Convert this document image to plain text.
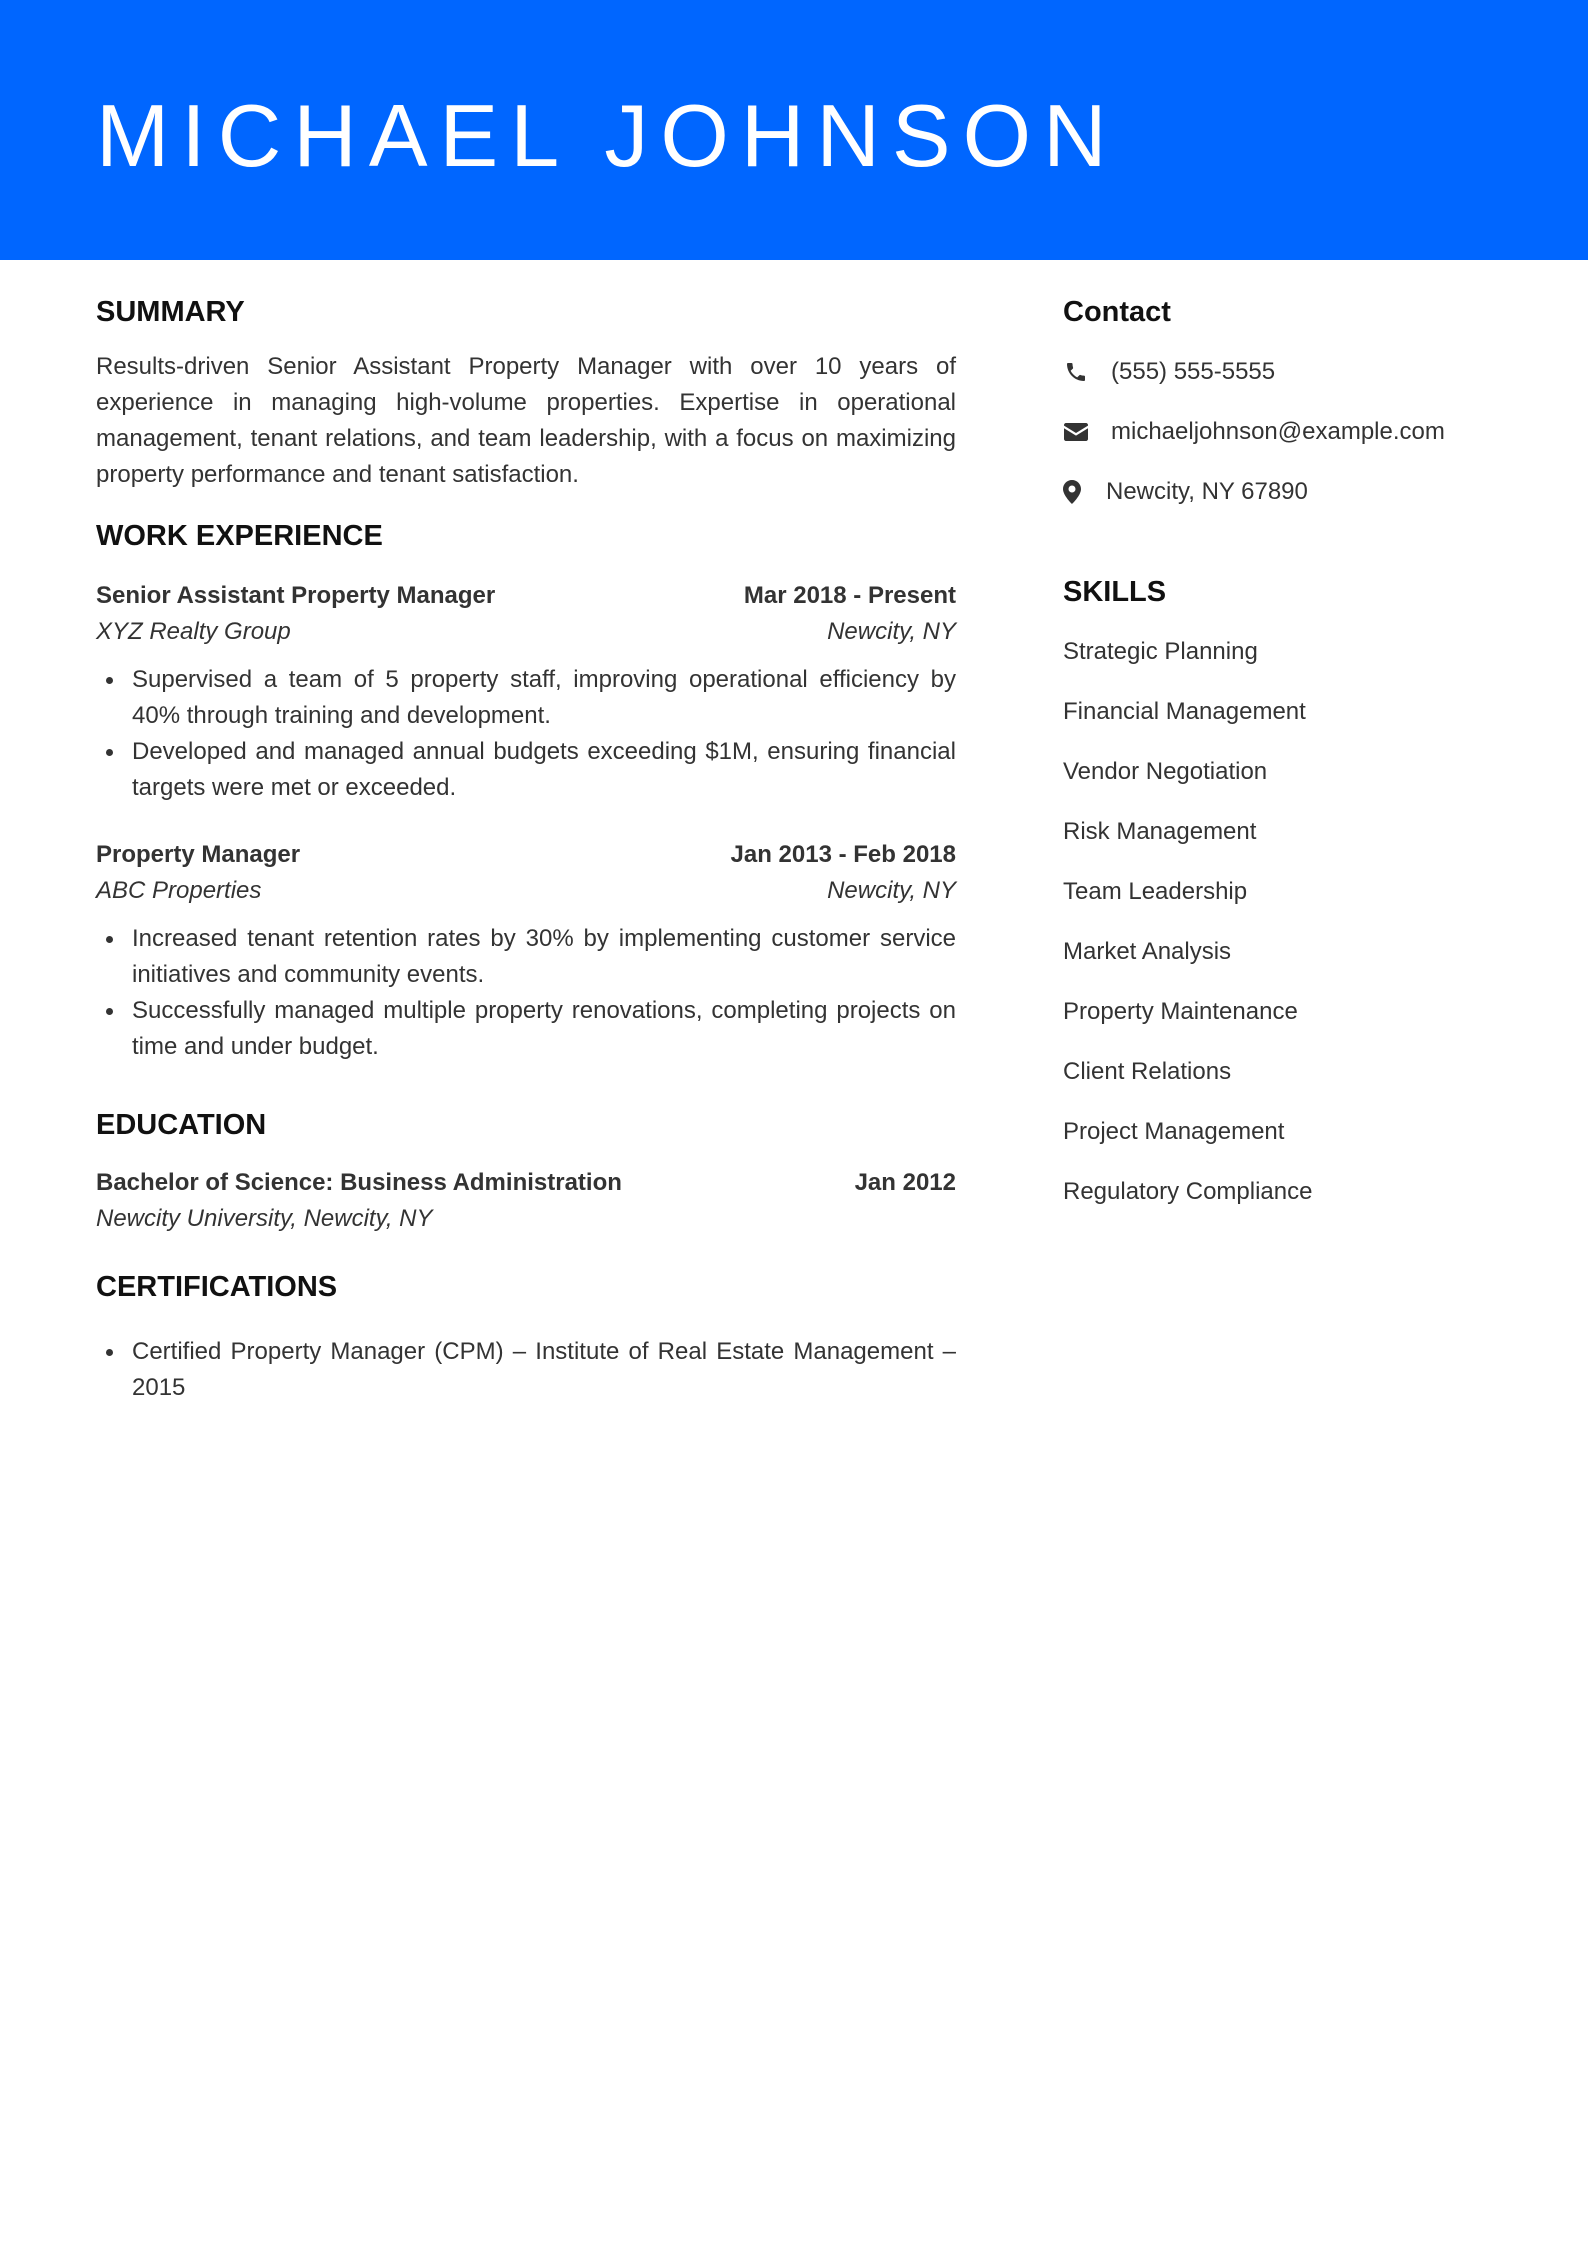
MICHAEL JOHNSON
SUMMARY

Results-driven Senior Assistant Property Manager with over 10 years of experience in managing high-volume properties. Expertise in operational management, tenant relations, and team leadership, with a focus on maximizing property performance and tenant satisfaction.

WORK EXPERIENCE
Senior Assistant Property Manager	Mar 2018 - Present
XYZ Realty Group	Newcity, NY
Supervised a team of 5 property staff, improving operational efficiency by 40% through training and development.
Developed and managed annual budgets exceeding $1M, ensuring financial targets were met or exceeded.
Property Manager	Jan 2013 - Feb 2018
ABC Properties	Newcity, NY
Increased tenant retention rates by 30% by implementing customer service initiatives and community events.
Successfully managed multiple property renovations, completing projects on time and under budget.
EDUCATION
Bachelor of Science: Business Administration	Jan 2012
Newcity University, Newcity, NY
CERTIFICATIONS
Certified Property Manager (CPM) – Institute of Real Estate Management – 2015
Contact
(555) 555-5555
michaeljohnson@example.com
Newcity, NY 67890
SKILLS
Strategic Planning
Financial Management
Vendor Negotiation
Risk Management
Team Leadership
Market Analysis
Property Maintenance
Client Relations
Project Management
Regulatory Compliance
